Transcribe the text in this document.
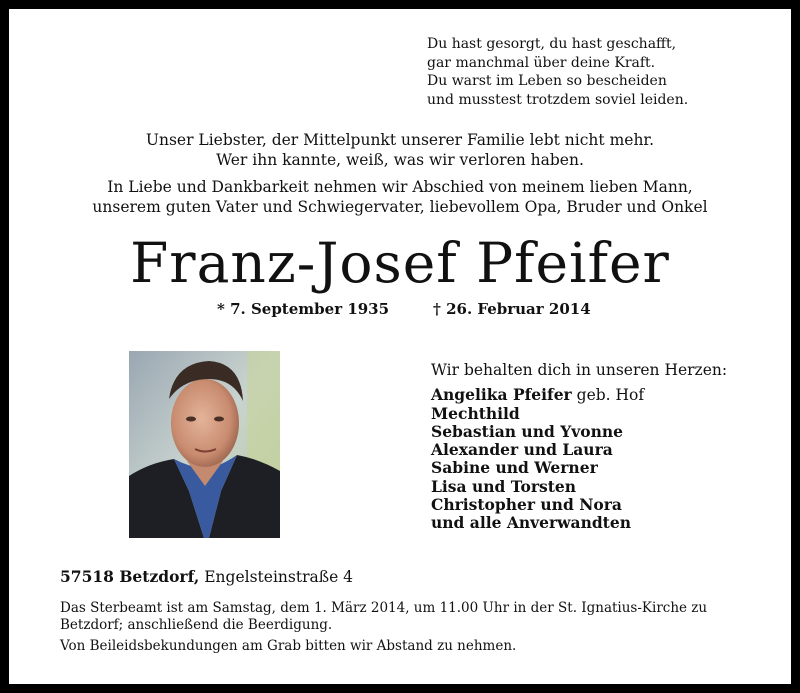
Du hast gesorgt, du hast geschafft,
gar manchmal über deine Kraft.
Du warst im Leben so bescheiden
und musstest trotzdem soviel leiden.
Unser Liebster, der Mittelpunkt unserer Familie lebt nicht mehr.
Wer ihn kannte, weiß, was wir verloren haben.
In Liebe und Dankbarkeit nehmen wir Abschied von meinem lieben Mann,
unserem guten Vater und Schwiegervater, liebevollem Opa, Bruder und Onkel
Franz-Josef Pfeifer
* 7. September 1935	† 26. Februar 2014
Wir behalten dich in unseren Herzen:
Angelika Pfeifer geb. Hof
Mechthild
Sebastian und Yvonne
Alexander und Laura
Sabine und Werner
Lisa und Torsten
Christopher und Nora
und alle Anverwandten
57518 Betzdorf, Engelsteinstraße 4
Das Sterbeamt ist am Samstag, dem 1. März 2014, um 11.00 Uhr in der St. Ignatius-Kirche zu Betzdorf; anschließend die Beerdigung.
Von Beileidsbekundungen am Grab bitten wir Abstand zu nehmen.
